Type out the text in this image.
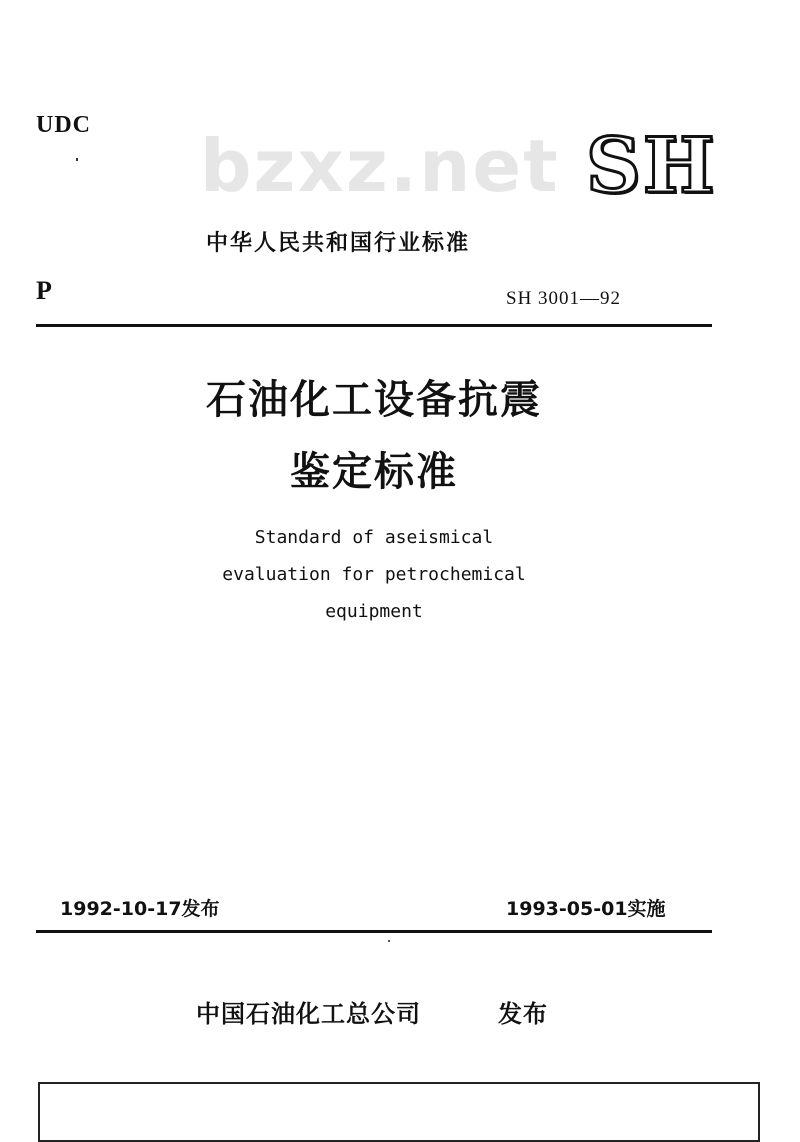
UDC bzxz.net SH
中华人民共和国行业标准
P	SH 3001—92
石油化工设备抗震
鉴定标准
Standard of aseismical
evaluation for petrochemical
equipment
1992-10-17发布	1993-05-01实施
中国石油化工总公司	发布
